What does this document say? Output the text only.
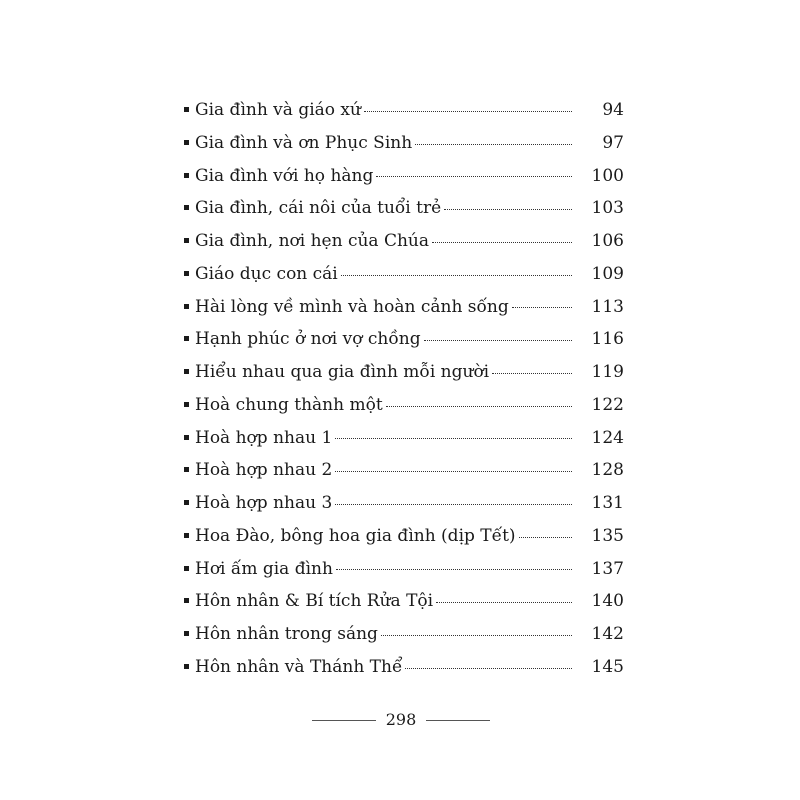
Gia đình và giáo xứ	94
Gia đình và ơn Phục Sinh	97
Gia đình với họ hàng	100
Gia đình, cái nôi của tuổi trẻ	103
Gia đình, nơi hẹn của Chúa	106
Giáo dục con cái	109
Hài lòng về mình và hoàn cảnh sống	113
Hạnh phúc ở nơi vợ chồng	116
Hiểu nhau qua gia đình mỗi người	119
Hoà chung thành một	122
Hoà hợp nhau 1	124
Hoà hợp nhau 2	128
Hoà hợp nhau 3	131
Hoa Đào, bông hoa gia đình (dịp Tết)	135
Hơi ấm gia đình	137
Hôn nhân & Bí tích Rửa Tội	140
Hôn nhân trong sáng	142
Hôn nhân và Thánh Thể	145
298
